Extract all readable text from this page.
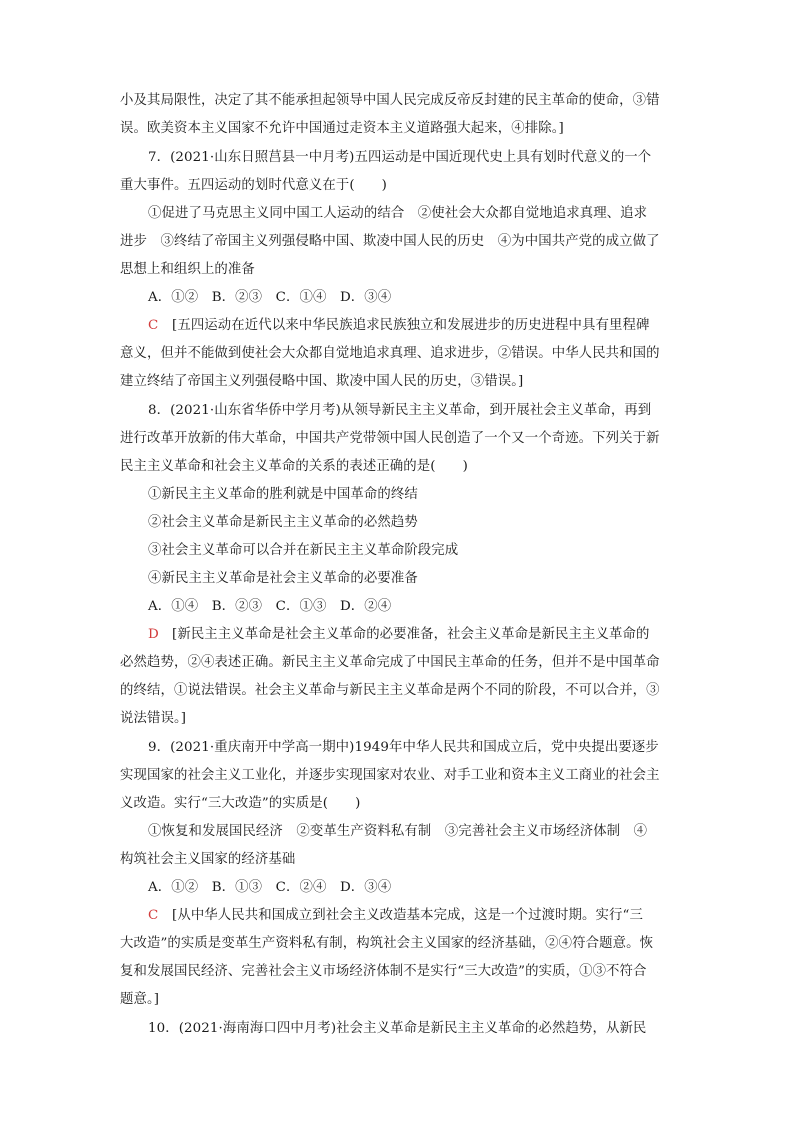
小及其局限性，决定了其不能承担起领导中国人民完成反帝反封建的民主革命的使命，③错
误。欧美资本主义国家不允许中国通过走资本主义道路强大起来，④排除。]
7．(2021·山东日照莒县一中月考)五四运动是中国近现代史上具有划时代意义的一个
重大事件。五四运动的划时代意义在于(　　)
①促进了马克思主义同中国工人运动的结合　②使社会大众都自觉地追求真理、追求
进步　③终结了帝国主义列强侵略中国、欺凌中国人民的历史　④为中国共产党的成立做了
思想上和组织上的准备
A．①②　B．②③　C．①④　D．③④
C [五四运动在近代以来中华民族追求民族独立和发展进步的历史进程中具有里程碑
意义，但并不能做到使社会大众都自觉地追求真理、追求进步，②错误。中华人民共和国的
建立终结了帝国主义列强侵略中国、欺凌中国人民的历史，③错误。]
8．(2021·山东省华侨中学月考)从领导新民主主义革命，到开展社会主义革命，再到
进行改革开放新的伟大革命，中国共产党带领中国人民创造了一个又一个奇迹。下列关于新
民主主义革命和社会主义革命的关系的表述正确的是(　　)
①新民主主义革命的胜利就是中国革命的终结
②社会主义革命是新民主主义革命的必然趋势
③社会主义革命可以合并在新民主主义革命阶段完成
④新民主主义革命是社会主义革命的必要准备
A．①④　B．②③　C．①③　D．②④
D [新民主主义革命是社会主义革命的必要准备，社会主义革命是新民主主义革命的
必然趋势，②④表述正确。新民主主义革命完成了中国民主革命的任务，但并不是中国革命
的终结，①说法错误。社会主义革命与新民主主义革命是两个不同的阶段，不可以合并，③
说法错误。]
9．(2021·重庆南开中学高一期中)1949年中华人民共和国成立后，党中央提出要逐步
实现国家的社会主义工业化，并逐步实现国家对农业、对手工业和资本主义工商业的社会主
义改造。实行“三大改造”的实质是(　　)
①恢复和发展国民经济　②变革生产资料私有制　③完善社会主义市场经济体制　④
构筑社会主义国家的经济基础
A．①②　B．①③　C．②④　D．③④
C [从中华人民共和国成立到社会主义改造基本完成，这是一个过渡时期。实行“三
大改造”的实质是变革生产资料私有制，构筑社会主义国家的经济基础，②④符合题意。恢
复和发展国民经济、完善社会主义市场经济体制不是实行“三大改造”的实质，①③不符合
题意。]
10．(2021·海南海口四中月考)社会主义革命是新民主主义革命的必然趋势，从新民
